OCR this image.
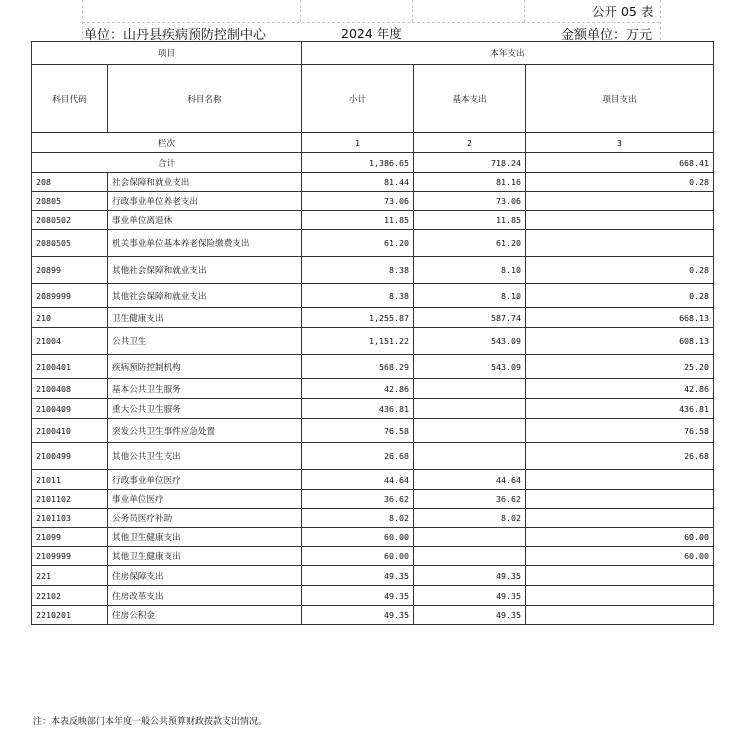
公开 05 表
单位：山丹县疾病预防控制中心	2024 年度	金额单位：万元
项目		本年支出		
科目代码	科目名称	小计	基本支出	项目支出
栏次		1	2	3
合计		1,386.65	718.24	668.41
208	社会保障和就业支出	81.44	81.16	0.28
20805	行政事业单位养老支出	73.06	73.06	
2080502	事业单位离退休	11.85	11.85	
2080505	机关事业单位基本养老保险缴费支出	61.20	61.20	
20899	其他社会保障和就业支出	8.38	8.10	0.28
2089999	其他社会保障和就业支出	8.38	8.10	0.28
210	卫生健康支出	1,255.87	587.74	668.13
21004	公共卫生	1,151.22	543.09	608.13
2100401	疾病预防控制机构	568.29	543.09	25.20
2100408	基本公共卫生服务	42.86		42.86
2100409	重大公共卫生服务	436.81		436.81
2100410	突发公共卫生事件应急处置	76.58		76.58
2100499	其他公共卫生支出	26.68		26.68
21011	行政事业单位医疗	44.64	44.64	
2101102	事业单位医疗	36.62	36.62	
2101103	公务员医疗补助	8.02	8.02	
21099	其他卫生健康支出	60.00		60.00
2109999	其他卫生健康支出	60.00		60.00
221	住房保障支出	49.35	49.35	
22102	住房改革支出	49.35	49.35	
2210201	住房公积金	49.35	49.35	
注：本表反映部门本年度一般公共预算财政拨款支出情况。
